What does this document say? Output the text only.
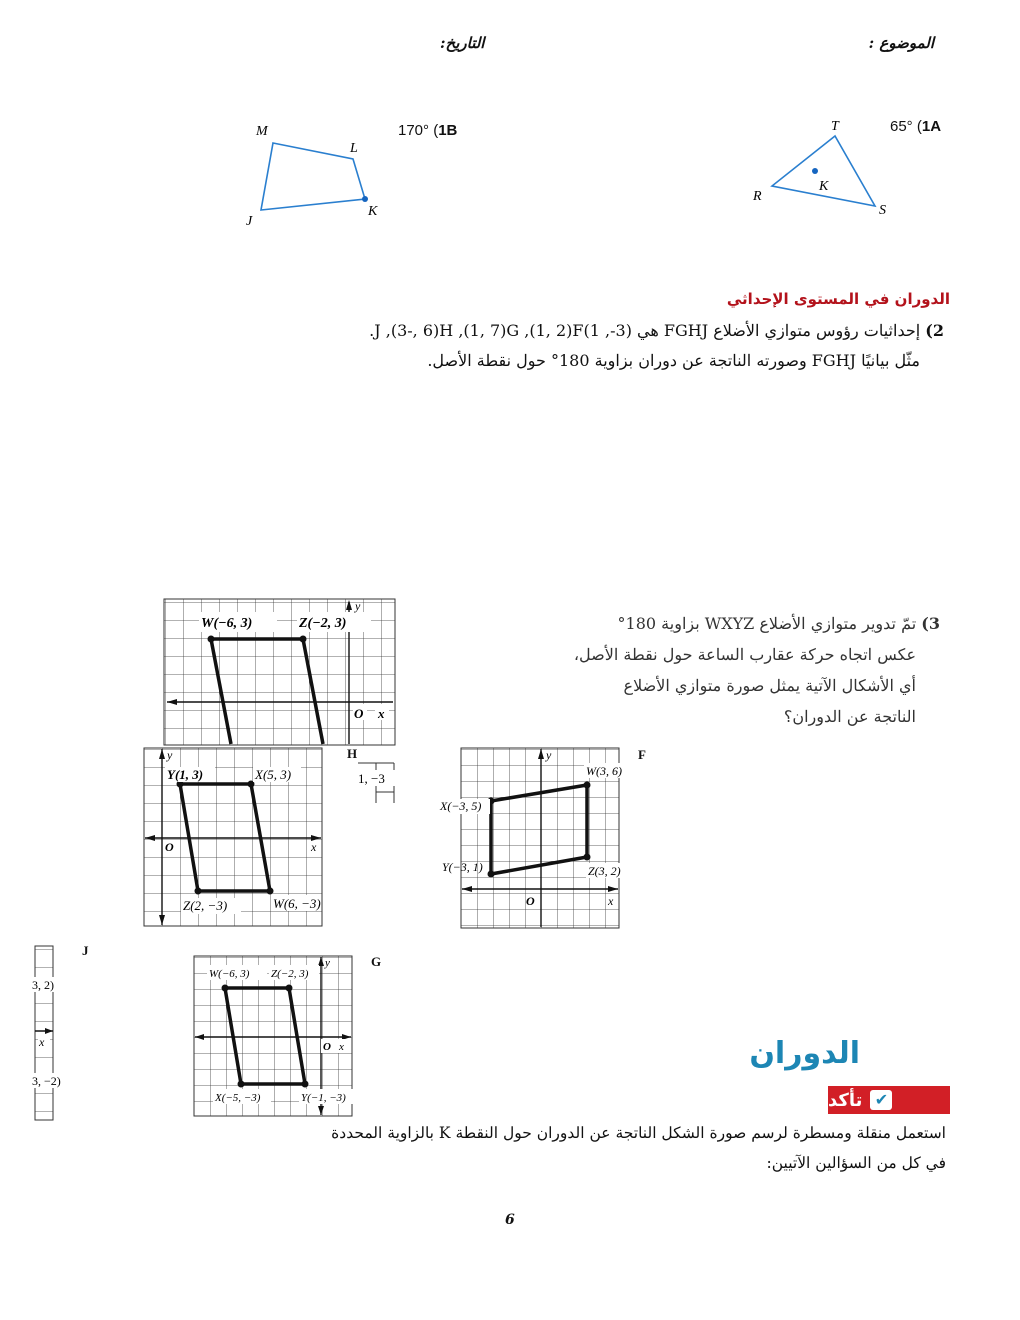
الموضوع :
التاريخ:
65° (1A
T
R
S
K
170° (1B
M
L
J
K
الدوران في المستوى الإحداثي
2) إحداثيات رؤوس متوازي الأضلاع FGHJ هي (3-, 1)J ,(3-, 6)H ,(1, 7)G ,(1, 2)F.
مثّل بيانيًا FGHJ وصورته الناتجة عن دوران بزاوية 180° حول نقطة الأصل.
3) تمّ تدوير متوازي الأضلاع WXYZ بزاوية 180°
عكس اتجاه حركة عقارب الساعة حول نقطة الأصل،
أي الأشكال الآتية يمثل صورة متوازي الأضلاع
الناتجة عن الدوران؟
W(−6, 3)	Z(−2, 3)
y
O x
Y(1, 3)	X(5, 3)
Z(2, −3)	W(6, −3)
y
O	x
H
1, −3
F
W(3, 6)
X(−3, 5)
Y(−3, 1)	Z(3, 2)
y
O	x
J
3, 2)
x
3, −2)
G
W(−6, 3) Z(−2, 3)
X(−5, −3)	Y(−1, −3)
y
O x	الدوران
✔
تأكد
استعمل منقلة ومسطرة لرسم صورة الشكل الناتجة عن الدوران حول النقطة K بالزاوية المحددة
في كل من السؤالين الآتيين:
6
